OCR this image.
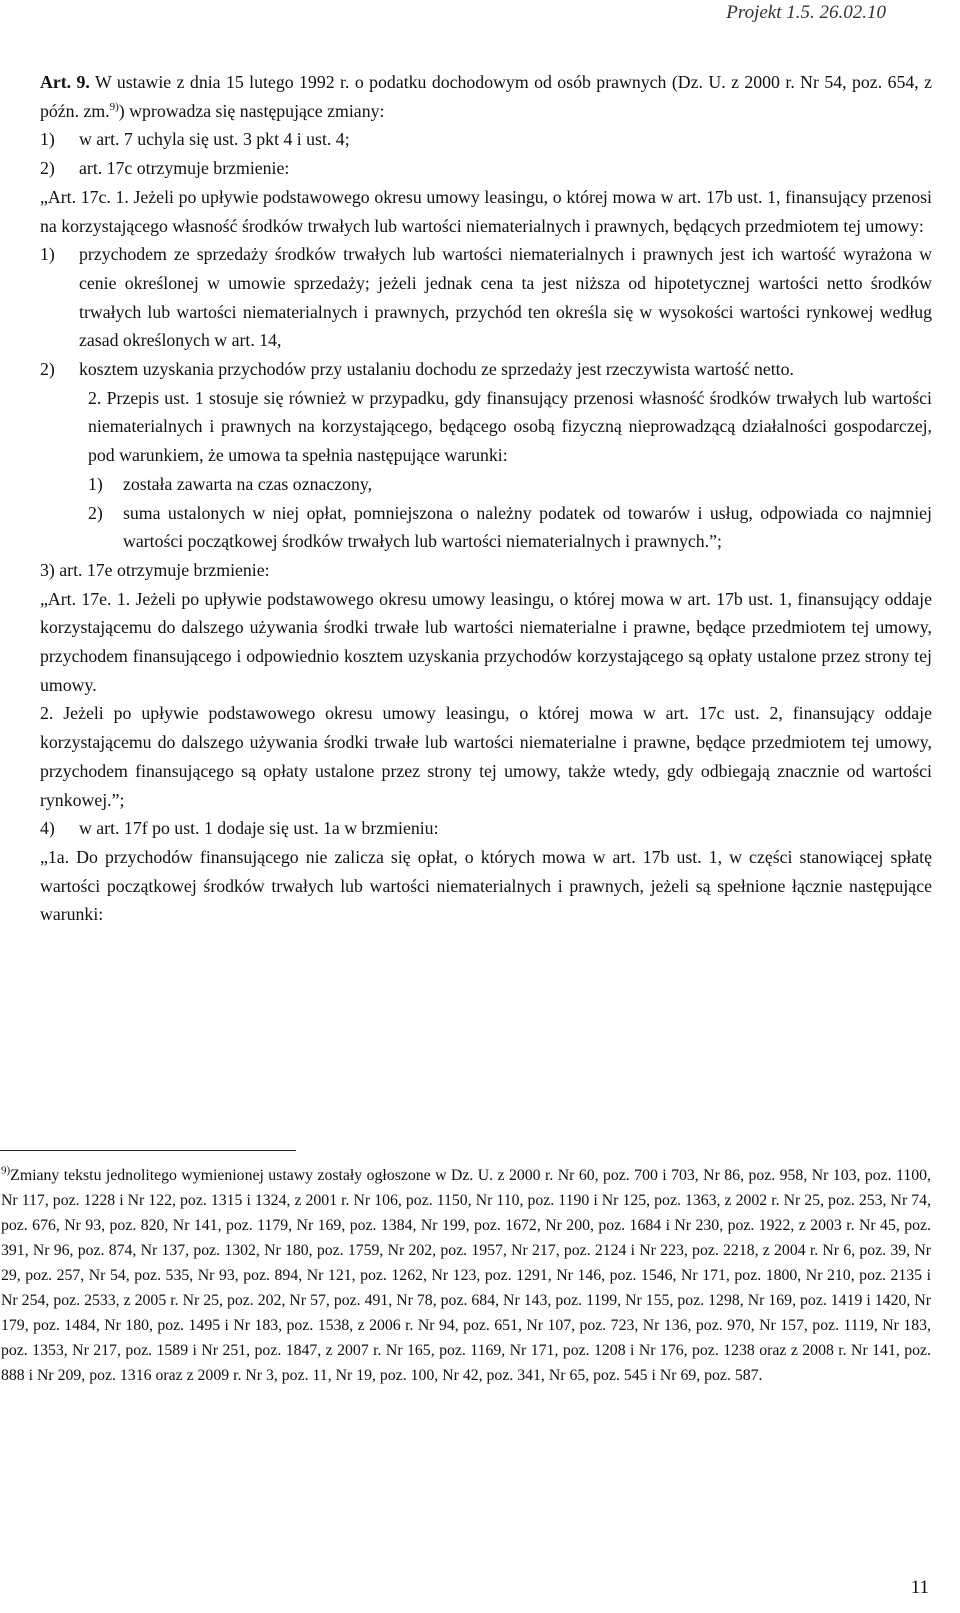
Projekt 1.5. 26.02.10

Art. 9. W ustawie z dnia 15 lutego 1992 r. o podatku dochodowym od osób prawnych (Dz. U. z 2000 r. Nr 54, poz. 654, z późn. zm.$^{9)}$) wprowadza się następujące zmiany:

1)	w art. 7 uchyla się ust. 3 pkt 4 i ust. 4;
2)	art. 17c otrzymuje brzmienie:

„Art. 17c. 1. Jeżeli po upływie podstawowego okresu umowy leasingu, o której mowa w art. 17b ust. 1, finansujący przenosi na korzystającego własność środków trwałych lub wartości niematerialnych i prawnych, będących przedmiotem tej umowy:

1)	przychodem ze sprzedaży środków trwałych lub wartości niematerialnych i prawnych jest ich wartość wyrażona w cenie określonej w umowie sprzedaży; jeżeli jednak cena ta jest niższa od hipotetycznej wartości netto środków trwałych lub wartości niematerialnych i prawnych, przychód ten określa się w wysokości wartości rynkowej według zasad określonych w art. 14,
2)	kosztem uzyskania przychodów przy ustalaniu dochodu ze sprzedaży jest rzeczywista wartość netto.

2. Przepis ust. 1 stosuje się również w przypadku, gdy finansujący przenosi własność środków trwałych lub wartości niematerialnych i prawnych na korzystającego, będącego osobą fizyczną nieprowadzącą działalności gospodarczej, pod warunkiem, że umowa ta spełnia następujące warunki:

1)	została zawarta na czas oznaczony,
2)	suma ustalonych w niej opłat, pomniejszona o należny podatek od towarów i usług, odpowiada co najmniej wartości początkowej środków trwałych lub wartości niematerialnych i prawnych.”;

3) art. 17e otrzymuje brzmienie:

„Art. 17e. 1. Jeżeli po upływie podstawowego okresu umowy leasingu, o której mowa w art. 17b ust. 1, finansujący oddaje korzystającemu do dalszego używania środki trwałe lub wartości niematerialne i prawne, będące przedmiotem tej umowy, przychodem finansującego i odpowiednio kosztem uzyskania przychodów korzystającego są opłaty ustalone przez strony tej umowy.

2. Jeżeli po upływie podstawowego okresu umowy leasingu, o której mowa w art. 17c ust. 2, finansujący oddaje korzystającemu do dalszego używania środki trwałe lub wartości niematerialne i prawne, będące przedmiotem tej umowy, przychodem finansującego są opłaty ustalone przez strony tej umowy, także wtedy, gdy odbiegają znacznie od wartości rynkowej.”;

4)	w art. 17f po ust. 1 dodaje się ust. 1a w brzmieniu:

„1a. Do przychodów finansującego nie zalicza się opłat, o których mowa w art. 17b ust. 1, w części stanowiącej spłatę wartości początkowej środków trwałych lub wartości niematerialnych i prawnych, jeżeli są spełnione łącznie następujące warunki:

$^{9)}$Zmiany tekstu jednolitego wymienionej ustawy zostały ogłoszone w Dz. U. z 2000 r. Nr 60, poz. 700 i 703, Nr 86, poz. 958, Nr 103, poz. 1100, Nr 117, poz. 1228 i Nr 122, poz. 1315 i 1324, z 2001 r. Nr 106, poz. 1150, Nr 110, poz. 1190 i Nr 125, poz. 1363, z 2002 r. Nr 25, poz. 253, Nr 74, poz. 676, Nr 93, poz. 820, Nr 141, poz. 1179, Nr 169, poz. 1384, Nr 199, poz. 1672, Nr 200, poz. 1684 i Nr 230, poz. 1922, z 2003 r. Nr 45, poz. 391, Nr 96, poz. 874, Nr 137, poz. 1302, Nr 180, poz. 1759, Nr 202, poz. 1957, Nr 217, poz. 2124 i Nr 223, poz. 2218, z 2004 r. Nr 6, poz. 39, Nr 29, poz. 257, Nr 54, poz. 535, Nr 93, poz. 894, Nr 121, poz. 1262, Nr 123, poz. 1291, Nr 146, poz. 1546, Nr 171, poz. 1800, Nr 210, poz. 2135 i Nr 254, poz. 2533, z 2005 r. Nr 25, poz. 202, Nr 57, poz. 491, Nr 78, poz. 684, Nr 143, poz. 1199, Nr 155, poz. 1298, Nr 169, poz. 1419 i 1420, Nr 179, poz. 1484, Nr 180, poz. 1495 i Nr 183, poz. 1538, z 2006 r. Nr 94, poz. 651, Nr 107, poz. 723, Nr 136, poz. 970, Nr 157, poz. 1119, Nr 183, poz. 1353, Nr 217, poz. 1589 i Nr 251, poz. 1847, z 2007 r. Nr 165, poz. 1169, Nr 171, poz. 1208 i Nr 176, poz. 1238 oraz z 2008 r. Nr 141, poz. 888 i Nr 209, poz. 1316 oraz z 2009 r. Nr 3, poz. 11, Nr 19, poz. 100, Nr 42, poz. 341, Nr 65, poz. 545 i Nr 69, poz. 587.

11
